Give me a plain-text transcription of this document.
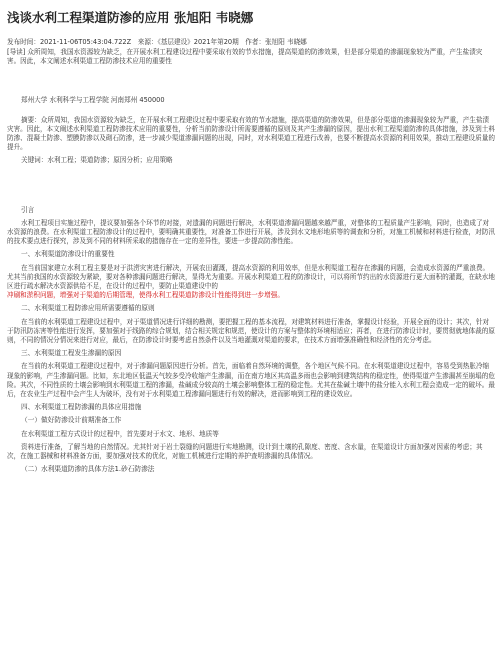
浅谈水利工程渠道防渗的应用 张旭阳 韦晓娜

发布时间：2021-11-06T05:43:04.722Z　来源：《基层建设》2021年第20期　作者：张旭阳 韦晓娜

[导读] 众所周知，我国水资源较为缺乏，在开展水利工程建设过程中要采取有效的节水措施，提高渠道的防渗效果，但是部分渠道的渗漏现象较为严重，产生盐渍灾害。因此，本文阐述水利渠道工程防渗技术应用的重要性

郑州大学 水利科学与工程学院 河南郑州 450000

摘要：众所周知，我国水资源较为缺乏，在开展水利工程建设过程中要采取有效的节水措施，提高渠道的防渗效果，但是部分渠道的渗漏现象较为严重，产生盐渍灾害。因此，本文阐述水利渠道工程防渗技术应用的重要性，分析当前防渗设计所需要遵循的原则及其产生渗漏的原因，提出水利工程渠道防渗的具体措施，涉及到土料防渗、混凝土防渗、塑膜防渗以及砌石防渗，进一步减少渠道渗漏问题的出现，同时，对水利渠道工程进行改善，也要不断提高水资源的利用效果，推动工程建设质量的提升。

关键词：水利工程；渠道防渗；原因分析；应用策略

引言

水利工程项目实施过程中，提议要加强各个环节的对接，对遗漏的问题进行解决，水利渠道渗漏问题越来越严重，对整体的工程质量产生影响，同时，也造成了对水资源的浪费。在水利渠道工程防渗设计的过程中，要明确其重要性，对准备工作进行开展，涉及到水文地形地质等的调查和分析，对施工机械和材料进行检查，对防汛的技术要点进行探究，涉及到不同的材料所采取的措施存在一定的差异性，要进一步提高防渗性能。

一、水利渠道防渗设计的重要性

在当前国家建立水利工程主要是对于洪涝灾害进行解决，开展农田灌溉，提高水资源的利用效率，但是水利渠道工程存在渗漏的问题，会造成水资源的严重浪费。尤其当前我国的水资源较为紧缺，要对各种渗漏问题进行解决，显得尤为重要。开展水利渠道工程的防渗设计，可以将所节约出的水资源进行更大面积的灌溉，在缺水地区进行疏水解决水资源供给不足，在设计的过程中，要防止渠道建设中的

冲刷和淤积问题，增强对于渠道的后期管理，使得水利工程渠道防渗设计性能得到进一步增强。

二、水利渠道工程防渗应用所需要遵循的原则

在当前的水利渠道工程建设过程中，对于渠道情况进行详细的勘测，要把握工程的基本流程，对建筑材料进行准备，掌握设计经验，开展全面的设计；其次，针对于防汛防冻害等性能进行发挥，要加强对于线路的综合规划，结合相关规定和规范，使设计的方案与整体的环境相适应；再者，在进行防渗设计时，要贯彻就地体裁的原则，不同的情况分情况来进行对应，最后，在防渗设计时要考虑自然条件以及当地灌溉对渠道的要求，在技术方面增强准确性和经济性的充分考虑。

三、水利渠道工程发生渗漏的原因

在当前的水利渠道工程建设过程中，对于渗漏问题原因进行分析。首先，面临着自然环境的调整，各个地区气候不同。在水利渠道建设过程中，容易受到热胀冷缩现象的影响，产生渗漏问题。比如，东北地区低温天气较多受冷收缩产生渗漏，而在南方地区其高温多雨也会影响到建筑结构的稳定性，使得渠道产生渗漏甚至崩塌的危险。其次，不同性质的土壤会影响到水利渠道工程的渗漏，盐碱成分较高的土壤会影响整体工程的稳定性。尤其在盐碱土壤中的盐分能入水利工程会造成一定的破坏。最后，在农业生产过程中会产生人为破坏，没有对于水利渠道工程渗漏问题进行有效的解决，进而影响到工程的建设效应。

四、水利渠道工程防渗漏的具体应用措施

（一）做好防渗设计前期准备工作

在水利渠道工程方式设计的过程中，首先要对于水文、地形、地质等

资料进行准备，了解当地的自然情况。尤其针对于岩土裂缝的问题进行实地勘测，设计到土壤的孔隙度、密度、含水量，在渠道设计方面加强对因素的考虑；其次，在施工器械和材料准备方面，要加强对技术的优化，对施工机械进行定期的养护查明渗漏的具体情况。

（二）水利渠道防渗的具体方法1.砂石防渗法
